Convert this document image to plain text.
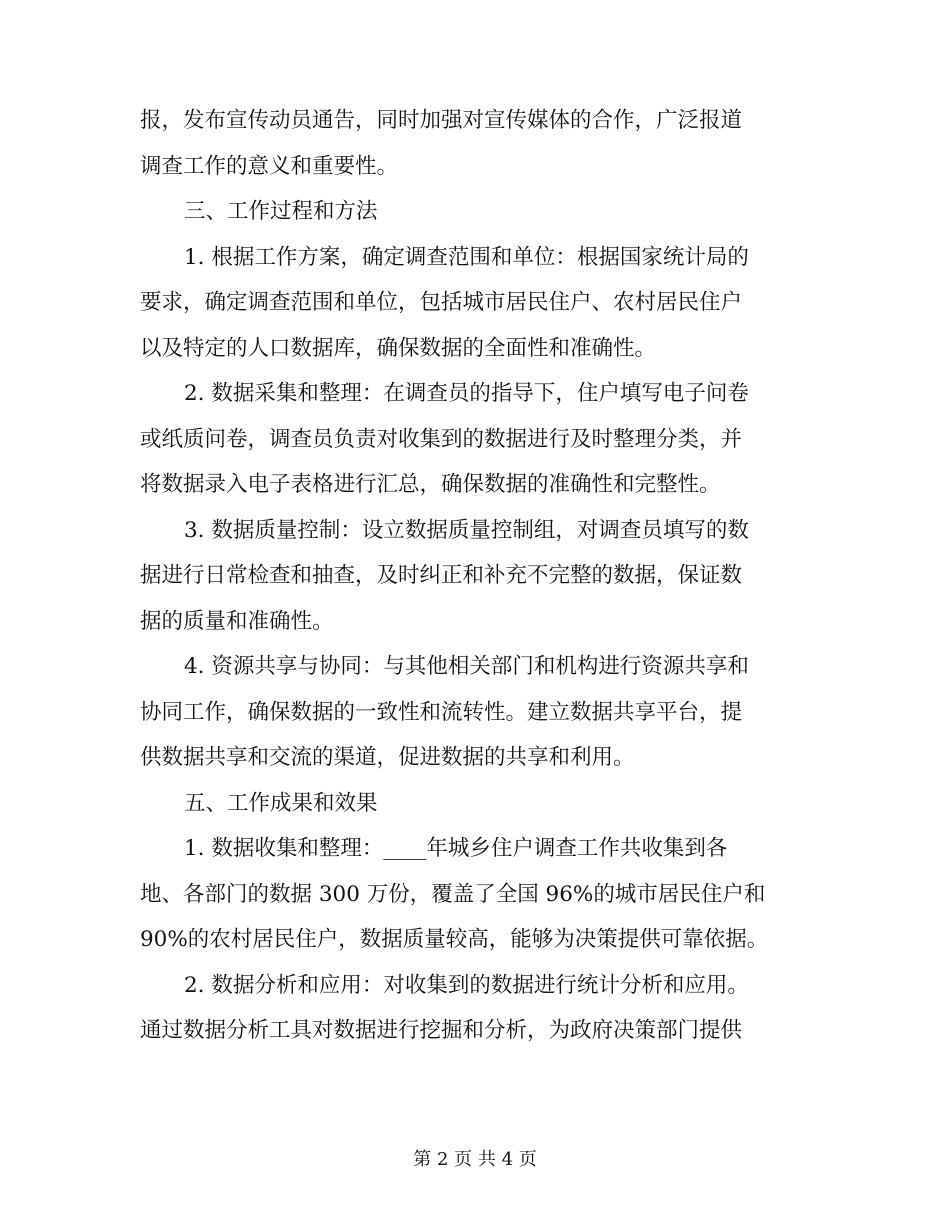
报，发布宣传动员通告，同时加强对宣传媒体的合作，广泛报道
调查工作的意义和重要性。
三、工作过程和方法
1. 根据工作方案，确定调查范围和单位：根据国家统计局的
要求，确定调查范围和单位，包括城市居民住户、农村居民住户
以及特定的人口数据库，确保数据的全面性和准确性。
2. 数据采集和整理：在调查员的指导下，住户填写电子问卷
或纸质问卷，调查员负责对收集到的数据进行及时整理分类，并
将数据录入电子表格进行汇总，确保数据的准确性和完整性。
3. 数据质量控制：设立数据质量控制组，对调查员填写的数
据进行日常检查和抽查，及时纠正和补充不完整的数据，保证数
据的质量和准确性。
4. 资源共享与协同：与其他相关部门和机构进行资源共享和
协同工作，确保数据的一致性和流转性。建立数据共享平台，提
供数据共享和交流的渠道，促进数据的共享和利用。
五、工作成果和效果
1. 数据收集和整理：____年城乡住户调查工作共收集到各
地、各部门的数据 300 万份，覆盖了全国 96%的城市居民住户和
90%的农村居民住户，数据质量较高，能够为决策提供可靠依据。
2. 数据分析和应用：对收集到的数据进行统计分析和应用。
通过数据分析工具对数据进行挖掘和分析，为政府决策部门提供
第 2 页 共 4 页
